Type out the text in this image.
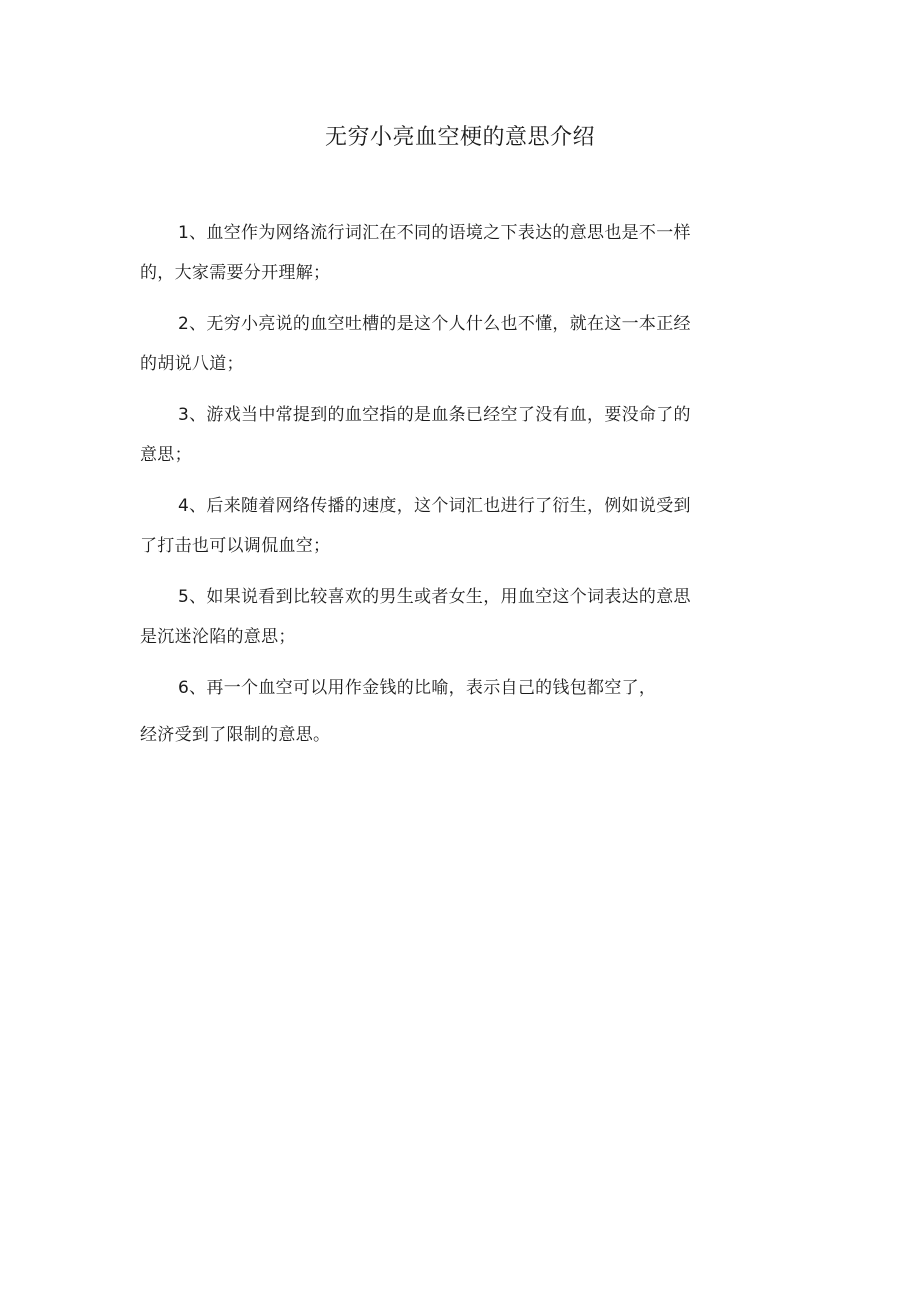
无穷小亮血空梗的意思介绍

1、血空作为网络流行词汇在不同的语境之下表达的意思也是不一样
的，大家需要分开理解；

2、无穷小亮说的血空吐槽的是这个人什么也不懂，就在这一本正经
的胡说八道；

3、游戏当中常提到的血空指的是血条已经空了没有血，要没命了的
意思；

4、后来随着网络传播的速度，这个词汇也进行了衍生，例如说受到
了打击也可以调侃血空；

5、如果说看到比较喜欢的男生或者女生，用血空这个词表达的意思
是沉迷沦陷的意思；

6、再一个血空可以用作金钱的比喻，表示自己的钱包都空了，
经济受到了限制的意思。
